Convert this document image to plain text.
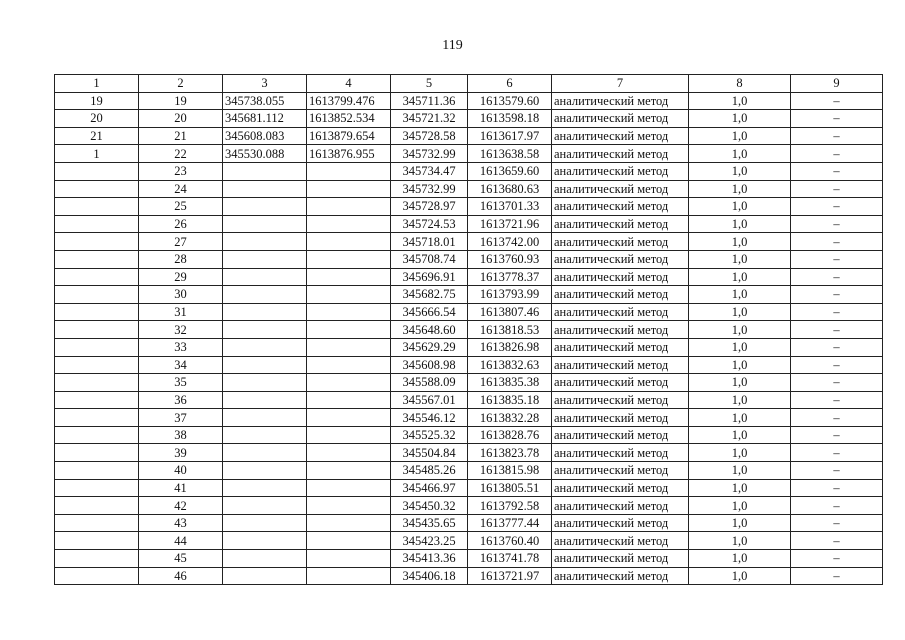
119
1	2	3	4	5	6	7	8	9
19	19	345738.055	1613799.476	345711.36	1613579.60	аналитический метод	1,0	–
20	20	345681.112	1613852.534	345721.32	1613598.18	аналитический метод	1,0	–
21	21	345608.083	1613879.654	345728.58	1613617.97	аналитический метод	1,0	–
1	22	345530.088	1613876.955	345732.99	1613638.58	аналитический метод	1,0	–
	23			345734.47	1613659.60	аналитический метод	1,0	–
	24			345732.99	1613680.63	аналитический метод	1,0	–
	25			345728.97	1613701.33	аналитический метод	1,0	–
	26			345724.53	1613721.96	аналитический метод	1,0	–
	27			345718.01	1613742.00	аналитический метод	1,0	–
	28			345708.74	1613760.93	аналитический метод	1,0	–
	29			345696.91	1613778.37	аналитический метод	1,0	–
	30			345682.75	1613793.99	аналитический метод	1,0	–
	31			345666.54	1613807.46	аналитический метод	1,0	–
	32			345648.60	1613818.53	аналитический метод	1,0	–
	33			345629.29	1613826.98	аналитический метод	1,0	–
	34			345608.98	1613832.63	аналитический метод	1,0	–
	35			345588.09	1613835.38	аналитический метод	1,0	–
	36			345567.01	1613835.18	аналитический метод	1,0	–
	37			345546.12	1613832.28	аналитический метод	1,0	–
	38			345525.32	1613828.76	аналитический метод	1,0	–
	39			345504.84	1613823.78	аналитический метод	1,0	–
	40			345485.26	1613815.98	аналитический метод	1,0	–
	41			345466.97	1613805.51	аналитический метод	1,0	–
	42			345450.32	1613792.58	аналитический метод	1,0	–
	43			345435.65	1613777.44	аналитический метод	1,0	–
	44			345423.25	1613760.40	аналитический метод	1,0	–
	45			345413.36	1613741.78	аналитический метод	1,0	–
	46			345406.18	1613721.97	аналитический метод	1,0	–
